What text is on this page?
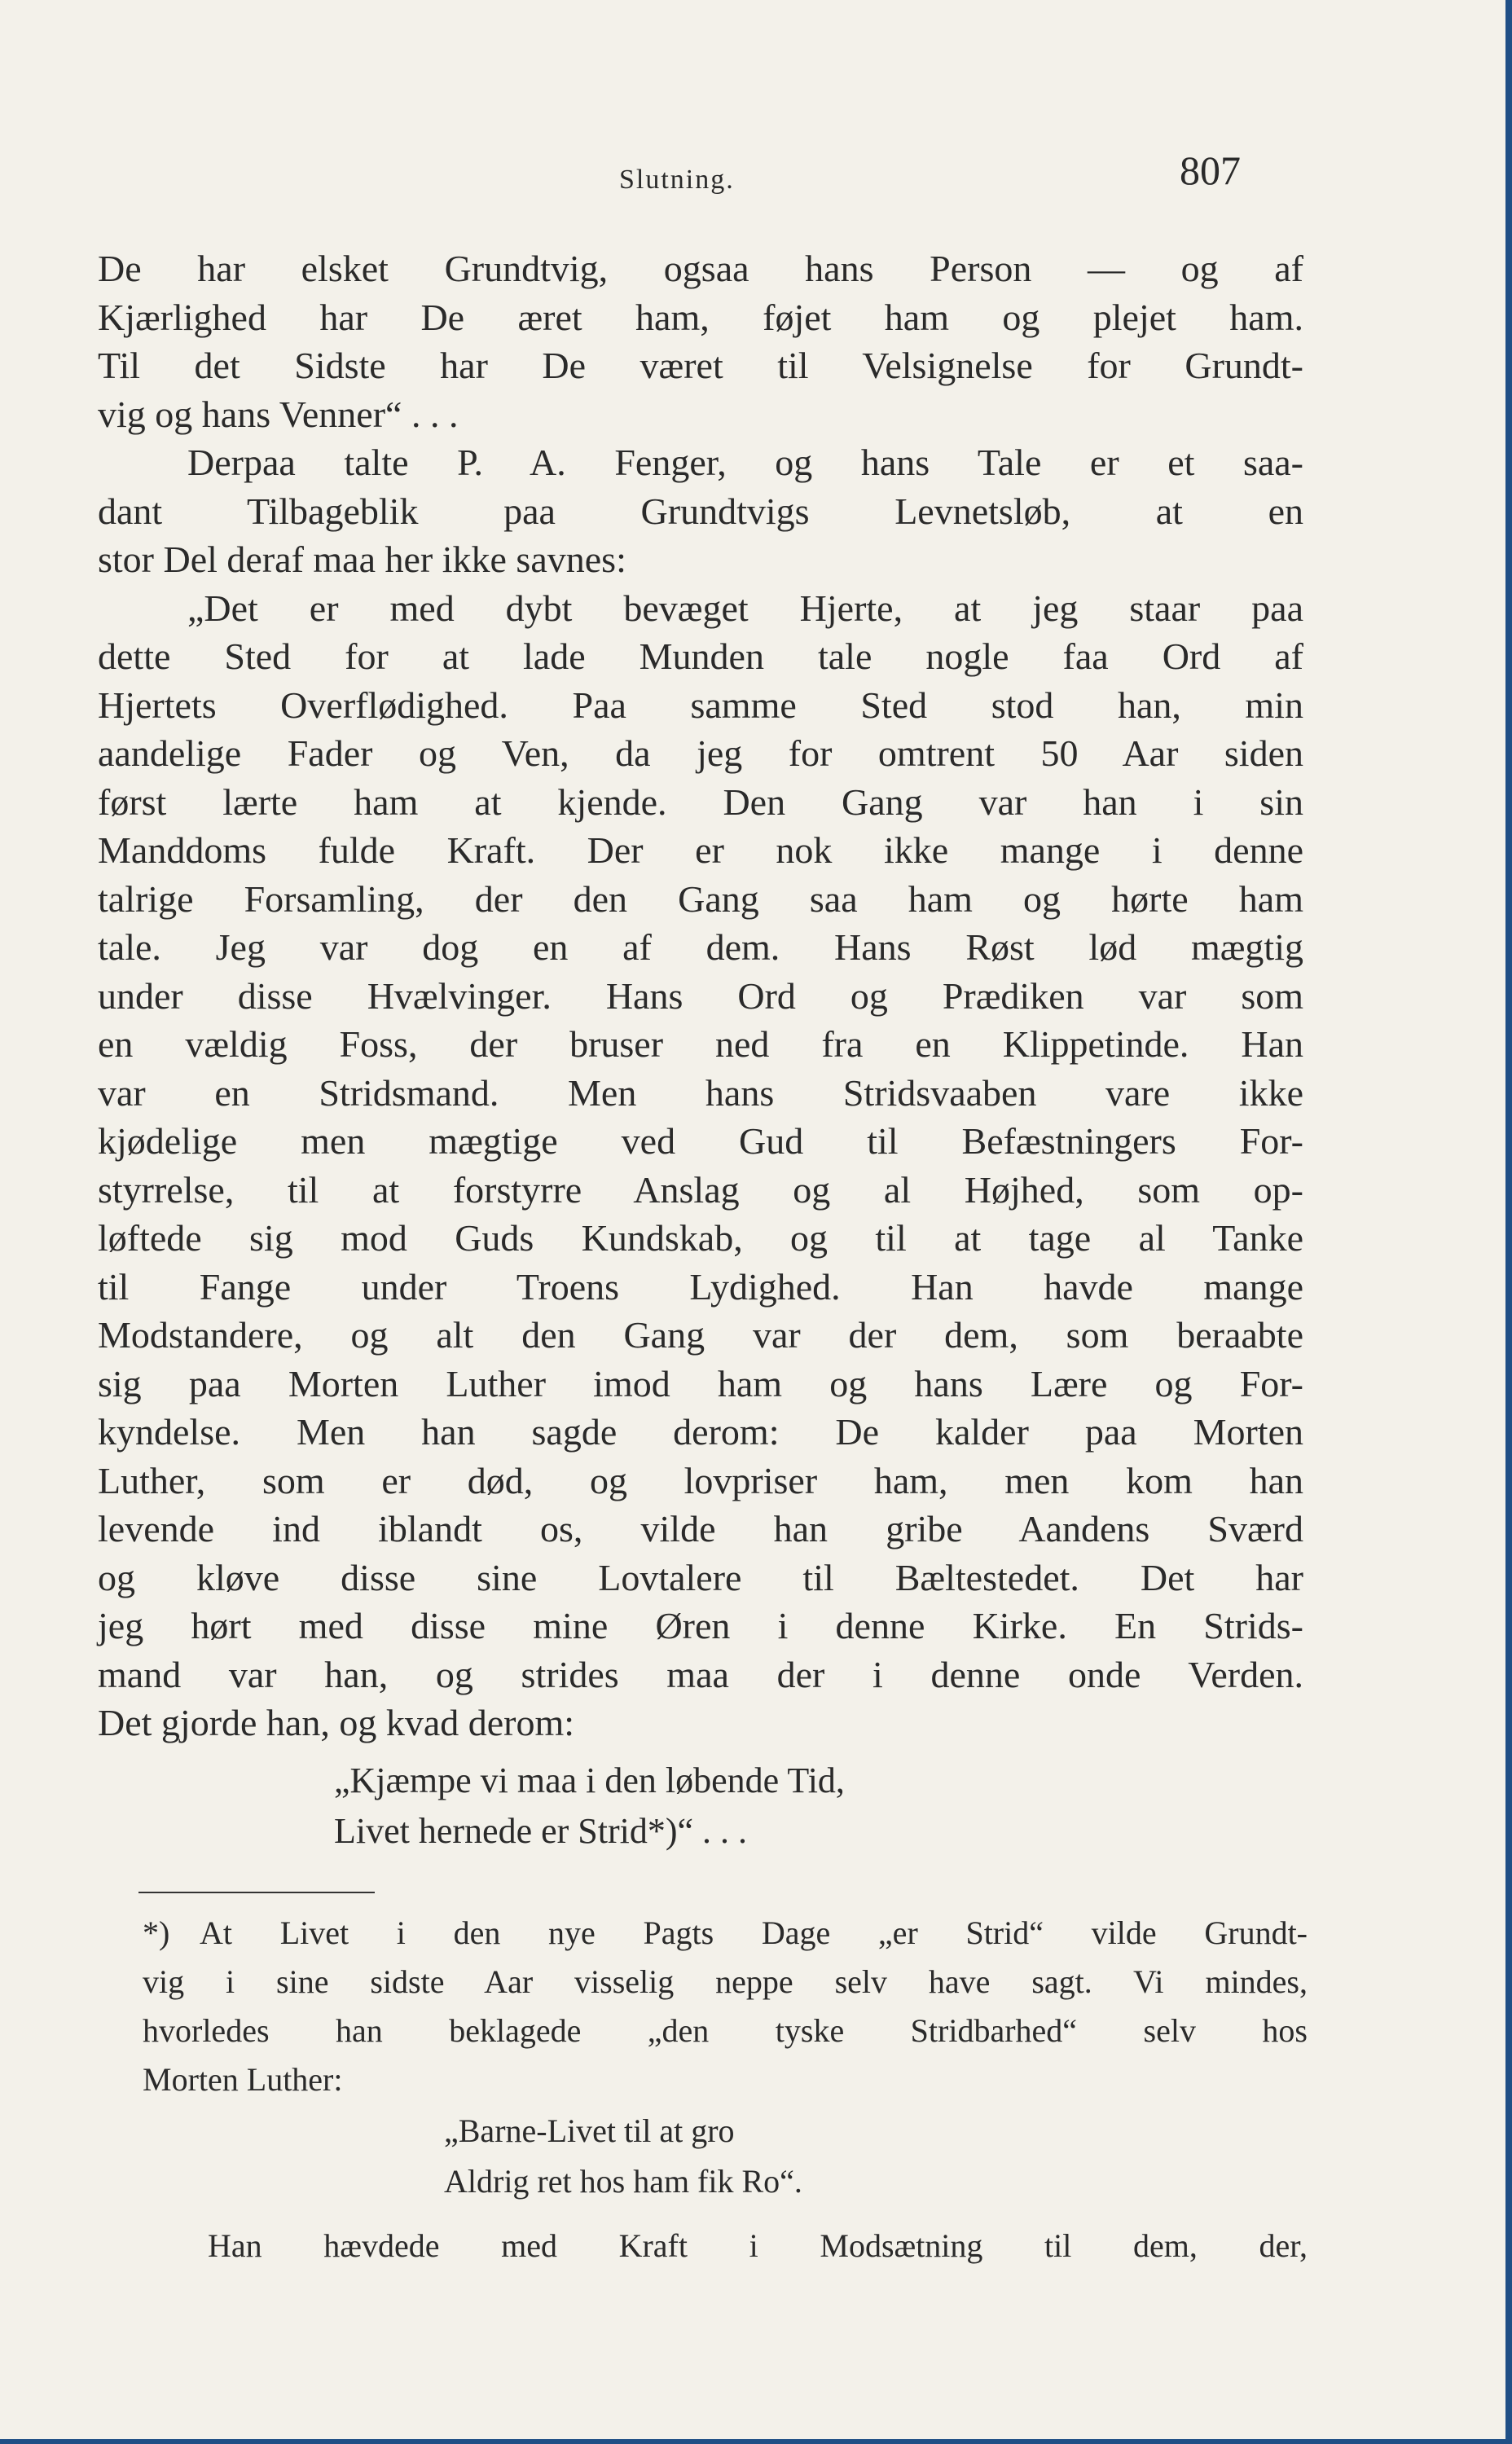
Slutning.	807
De har elsket Grundtvig, ogsaa hans Person — og af
Kjærlighed har De æret ham, føjet ham og plejet ham.
Til det Sidste har De været til Velsignelse for Grundt-
vig og hans Venner“ . . .
Derpaa talte P. A. Fenger, og hans Tale er et saa-
dant Tilbageblik paa Grundtvigs Levnetsløb, at en
stor Del deraf maa her ikke savnes:
„Det er med dybt bevæget Hjerte, at jeg staar paa
dette Sted for at lade Munden tale nogle faa Ord af
Hjertets Overflødighed. Paa samme Sted stod han, min
aandelige Fader og Ven, da jeg for omtrent 50 Aar siden
først lærte ham at kjende. Den Gang var han i sin
Manddoms fulde Kraft. Der er nok ikke mange i denne
talrige Forsamling, der den Gang saa ham og hørte ham
tale. Jeg var dog en af dem. Hans Røst lød mægtig
under disse Hvælvinger. Hans Ord og Prædiken var som
en vældig Foss, der bruser ned fra en Klippetinde. Han
var en Stridsmand. Men hans Stridsvaaben vare ikke
kjødelige men mægtige ved Gud til Befæstningers For-
styrrelse, til at forstyrre Anslag og al Højhed, som op-
løftede sig mod Guds Kundskab, og til at tage al Tanke
til Fange under Troens Lydighed. Han havde mange
Modstandere, og alt den Gang var der dem, som beraabte
sig paa Morten Luther imod ham og hans Lære og For-
kyndelse. Men han sagde derom: De kalder paa Morten
Luther, som er død, og lovpriser ham, men kom han
levende ind iblandt os, vilde han gribe Aandens Sværd
og kløve disse sine Lovtalere til Bæltestedet. Det har
jeg hørt med disse mine Øren i denne Kirke. En Strids-
mand var han, og strides maa der i denne onde Verden.
Det gjorde han, og kvad derom:
„Kjæmpe vi maa i den løbende Tid,
Livet hernede er Strid*)“ . . .
*) At Livet i den nye Pagts Dage „er Strid“ vilde Grundt-
vig i sine sidste Aar visselig neppe selv have sagt. Vi mindes,
hvorledes han beklagede „den tyske Stridbarhed“ selv hos
Morten Luther:
„Barne-Livet til at gro
Aldrig ret hos ham fik Ro“.
Han hævdede med Kraft i Modsætning til dem, der,
